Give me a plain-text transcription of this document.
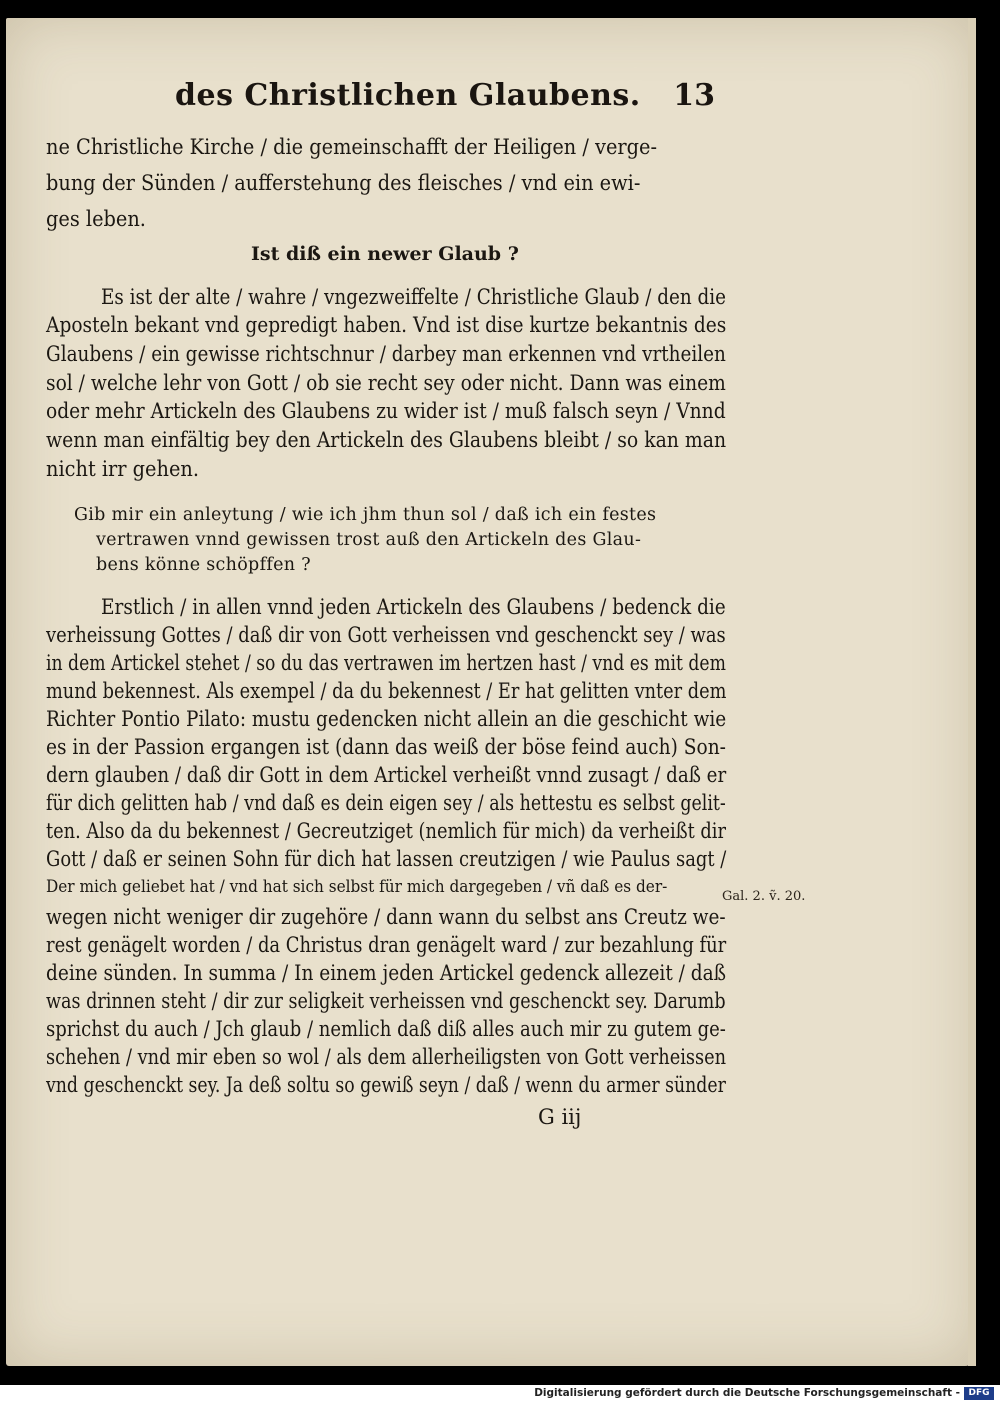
des Christlichen Glaubens. 13
ne Christliche Kirche / die gemeinschafft der Heiligen / verge-
bung der Sünden / aufferstehung des fleisches / vnd ein ewi-
ges leben.
Ist diß ein newer Glaub ?
Es ist der alte / wahre / vngezweiffelte / Christliche Glaub / den die
Aposteln bekant vnd gepredigt haben. Vnd ist dise kurtze bekantnis des
Glaubens / ein gewisse richtschnur / darbey man erkennen vnd vrtheilen
sol / welche lehr von Gott / ob sie recht sey oder nicht. Dann was einem
oder mehr Artickeln des Glaubens zu wider ist / muß falsch seyn / Vnnd
wenn man einfältig bey den Artickeln des Glaubens bleibt / so kan man
nicht irr gehen.
Gib mir ein anleytung / wie ich jhm thun sol / daß ich ein festes
vertrawen vnnd gewissen trost auß den Artickeln des Glau-
bens könne schöpffen ?
Erstlich / in allen vnnd jeden Artickeln des Glaubens / bedenck die
verheissung Gottes / daß dir von Gott verheissen vnd geschenckt sey / was
in dem Artickel stehet / so du das vertrawen im hertzen hast / vnd es mit dem
mund bekennest. Als exempel / da du bekennest / Er hat gelitten vnter dem
Richter Pontio Pilato: mustu gedencken nicht allein an die geschicht wie
es in der Passion ergangen ist (dann das weiß der böse feind auch) Son-
dern glauben / daß dir Gott in dem Artickel verheißt vnnd zusagt / daß er
für dich gelitten hab / vnd daß es dein eigen sey / als hettestu es selbst gelit-
ten. Also da du bekennest / Gecreutziget (nemlich für mich) da verheißt dir
Gott / daß er seinen Sohn für dich hat lassen creutzigen / wie Paulus sagt /
Der mich geliebet hat / vnd hat sich selbst für mich dargegeben / vñ daß es der-
wegen nicht weniger dir zugehöre / dann wann du selbst ans Creutz we-
rest genägelt worden / da Christus dran genägelt ward / zur bezahlung für
deine sünden. In summa / In einem jeden Artickel gedenck allezeit / daß
was drinnen steht / dir zur seligkeit verheissen vnd geschenckt sey. Darumb
sprichst du auch / Jch glaub / nemlich daß diß alles auch mir zu gutem ge-
schehen / vnd mir eben so wol / als dem allerheiligsten von Gott verheissen
vnd geschenckt sey. Ja deß soltu so gewiß seyn / daß / wenn du armer sünder
Gal. 2. ṽ. 20.
G iij
Digitalisierung gefördert durch die Deutsche Forschungsgemeinschaft - DFG
